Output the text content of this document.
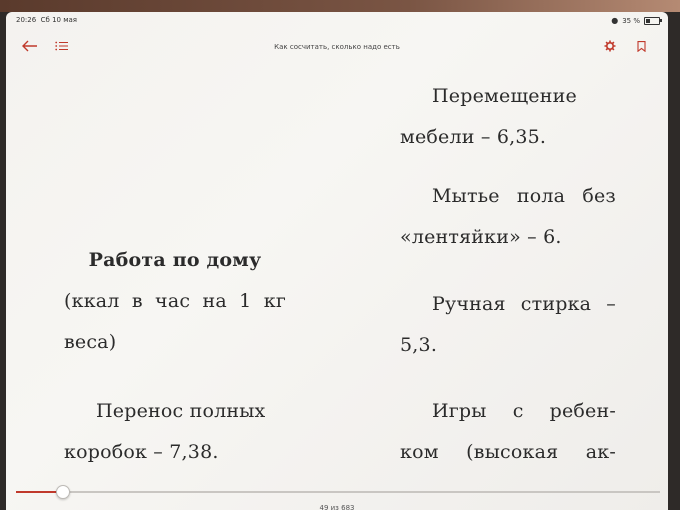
20:26 Сб 10 мая	● 35 %
Как сосчитать, сколько надо есть

Работа по дому

(ккал в час на 1 кг

веса)

Перенос полных

коробок – 7,38.

Перемещение

мебели – 6,35.

Мытье пола без

«лентяйки» – 6.

Ручная стирка –

5,3.

Игры с ребен-

ком (высокая ак-

49 из 683
